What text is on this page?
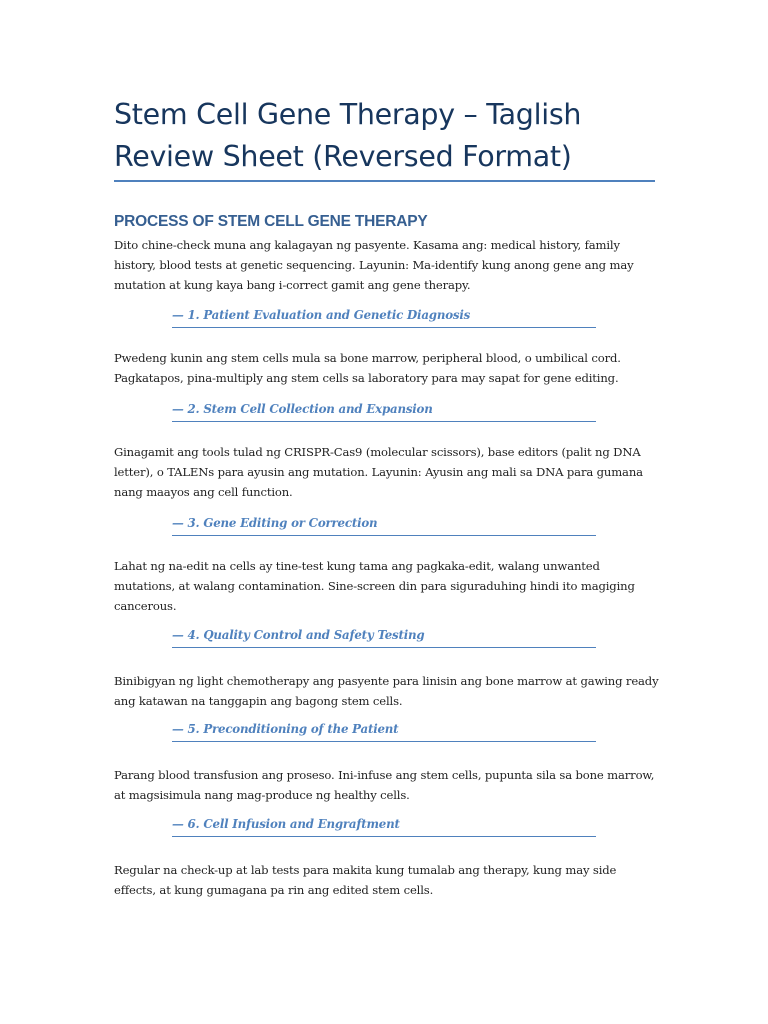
Stem Cell Gene Therapy – Taglish Review Sheet (Reversed Format)
PROCESS OF STEM CELL GENE THERAPY
Dito chine-check muna ang kalagayan ng pasyente. Kasama ang: medical history, family history, blood tests at genetic sequencing. Layunin: Ma-identify kung anong gene ang may mutation at kung kaya bang i-correct gamit ang gene therapy.
— 1. Patient Evaluation and Genetic Diagnosis
Pwedeng kunin ang stem cells mula sa bone marrow, peripheral blood, o umbilical cord. Pagkatapos, pina-multiply ang stem cells sa laboratory para may sapat for gene editing.
— 2. Stem Cell Collection and Expansion
Ginagamit ang tools tulad ng CRISPR-Cas9 (molecular scissors), base editors (palit ng DNA letter), o TALENs para ayusin ang mutation. Layunin: Ayusin ang mali sa DNA para gumana nang maayos ang cell function.
— 3. Gene Editing or Correction
Lahat ng na-edit na cells ay tine-test kung tama ang pagkaka-edit, walang unwanted mutations, at walang contamination. Sine-screen din para siguraduhing hindi ito magiging cancerous.
— 4. Quality Control and Safety Testing
Binibigyan ng light chemotherapy ang pasyente para linisin ang bone marrow at gawing ready ang katawan na tanggapin ang bagong stem cells.
— 5. Preconditioning of the Patient
Parang blood transfusion ang proseso. Ini-infuse ang stem cells, pupunta sila sa bone marrow, at magsisimula nang mag-produce ng healthy cells.
— 6. Cell Infusion and Engraftment
Regular na check-up at lab tests para makita kung tumalab ang therapy, kung may side effects, at kung gumagana pa rin ang edited stem cells.
